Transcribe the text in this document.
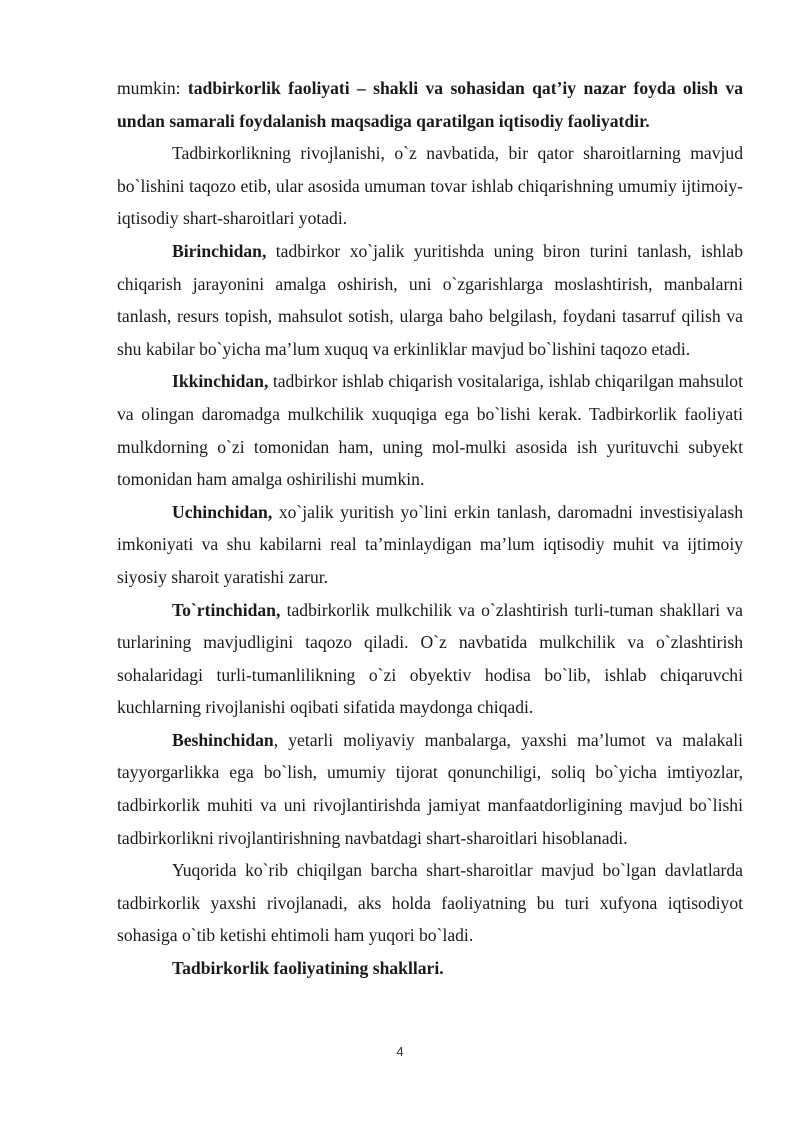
mumkin: tadbirkorlik faoliyati – shakli va sohasidan qat’iy nazar foyda olish va undan samarali foydalanish maqsadiga qaratilgan iqtisodiy faoliyatdir.

Tadbirkorlikning rivojlanishi, o`z navbatida, bir qator sharoitlarning mavjud bo`lishini taqozo etib, ular asosida umuman tovar ishlab chiqarishning umumiy ijtimoiy-iqtisodiy shart-sharoitlari yotadi.

Birinchidan, tadbirkor xo`jalik yuritishda uning biron turini tanlash, ishlab chiqarish jarayonini amalga oshirish, uni o`zgarishlarga moslashtirish, manbalarni tanlash, resurs topish, mahsulot sotish, ularga baho belgilash, foydani tasarruf qilish va shu kabilar bo`yicha ma’lum xuquq va erkinliklar mavjud bo`lishini taqozo etadi.

Ikkinchidan, tadbirkor ishlab chiqarish vositalariga, ishlab chiqarilgan mahsulot va olingan daromadga mulkchilik xuquqiga ega bo`lishi kerak. Tadbirkorlik faoliyati mulkdorning o`zi tomonidan ham, uning mol-mulki asosida ish yurituvchi subyekt tomonidan ham amalga oshirilishi mumkin.

Uchinchidan, xo`jalik yuritish yo`lini erkin tanlash, daromadni investisiyalash imkoniyati va shu kabilarni real ta’minlaydigan ma’lum iqtisodiy muhit va ijtimoiy siyosiy sharoit yaratishi zarur.

To`rtinchidan, tadbirkorlik mulkchilik va o`zlashtirish turli-tuman shakllari va turlarining mavjudligini taqozo qiladi. O`z navbatida mulkchilik va o`zlashtirish sohalaridagi turli-tumanlilikning o`zi obyektiv hodisa bo`lib, ishlab chiqaruvchi kuchlarning rivojlanishi oqibati sifatida maydonga chiqadi.

Beshinchidan, yetarli moliyaviy manbalarga, yaxshi ma’lumot va malakali tayyorgarlikka ega bo`lish, umumiy tijorat qonunchiligi, soliq bo`yicha imtiyozlar, tadbirkorlik muhiti va uni rivojlantirishda jamiyat manfaatdorligining mavjud bo`lishi tadbirkorlikni rivojlantirishning navbatdagi shart-sharoitlari hisoblanadi.

Yuqorida ko`rib chiqilgan barcha shart-sharoitlar mavjud bo`lgan davlatlarda tadbirkorlik yaxshi rivojlanadi, aks holda faoliyatning bu turi xufyona iqtisodiyot sohasiga o`tib ketishi ehtimoli ham yuqori bo`ladi.

Tadbirkorlik faoliyatining shakllari.

4
